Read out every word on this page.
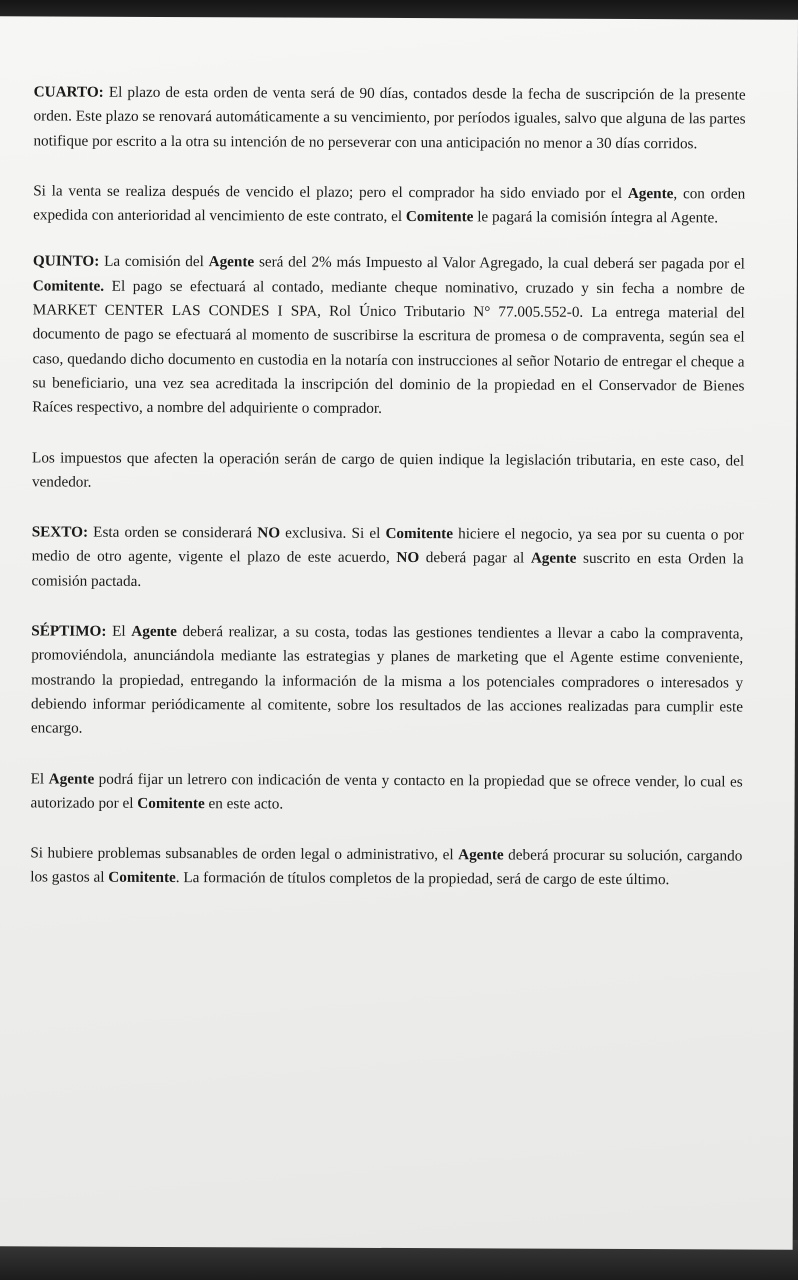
CUARTO: El plazo de esta orden de venta será de 90 días, contados desde la fecha de suscripción de la presente orden. Este plazo se renovará automáticamente a su vencimiento, por períodos iguales, salvo que alguna de las partes notifique por escrito a la otra su intención de no perseverar con una anticipación no menor a 30 días corridos.

Si la venta se realiza después de vencido el plazo; pero el comprador ha sido enviado por el Agente, con orden expedida con anterioridad al vencimiento de este contrato, el Comitente le pagará la comisión íntegra al Agente.

QUINTO: La comisión del Agente será del 2% más Impuesto al Valor Agregado, la cual deberá ser pagada por el Comitente. El pago se efectuará al contado, mediante cheque nominativo, cruzado y sin fecha a nombre de MARKET CENTER LAS CONDES I SPA, Rol Único Tributario N° 77.005.552-0. La entrega material del documento de pago se efectuará al momento de suscribirse la escritura de promesa o de compraventa, según sea el caso, quedando dicho documento en custodia en la notaría con instrucciones al señor Notario de entregar el cheque a su beneficiario, una vez sea acreditada la inscripción del dominio de la propiedad en el Conservador de Bienes Raíces respectivo, a nombre del adquiriente o comprador.

Los impuestos que afecten la operación serán de cargo de quien indique la legislación tributaria, en este caso, del vendedor.

SEXTO: Esta orden se considerará NO exclusiva. Si el Comitente hiciere el negocio, ya sea por su cuenta o por medio de otro agente, vigente el plazo de este acuerdo, NO deberá pagar al Agente suscrito en esta Orden la comisión pactada.

SÉPTIMO: El Agente deberá realizar, a su costa, todas las gestiones tendientes a llevar a cabo la compraventa, promoviéndola, anunciándola mediante las estrategias y planes de marketing que el Agente estime conveniente, mostrando la propiedad, entregando la información de la misma a los potenciales compradores o interesados y debiendo informar periódicamente al comitente, sobre los resultados de las acciones realizadas para cumplir este encargo.

El Agente podrá fijar un letrero con indicación de venta y contacto en la propiedad que se ofrece vender, lo cual es autorizado por el Comitente en este acto.

Si hubiere problemas subsanables de orden legal o administrativo, el Agente deberá procurar su solución, cargando los gastos al Comitente. La formación de títulos completos de la propiedad, será de cargo de este último.
